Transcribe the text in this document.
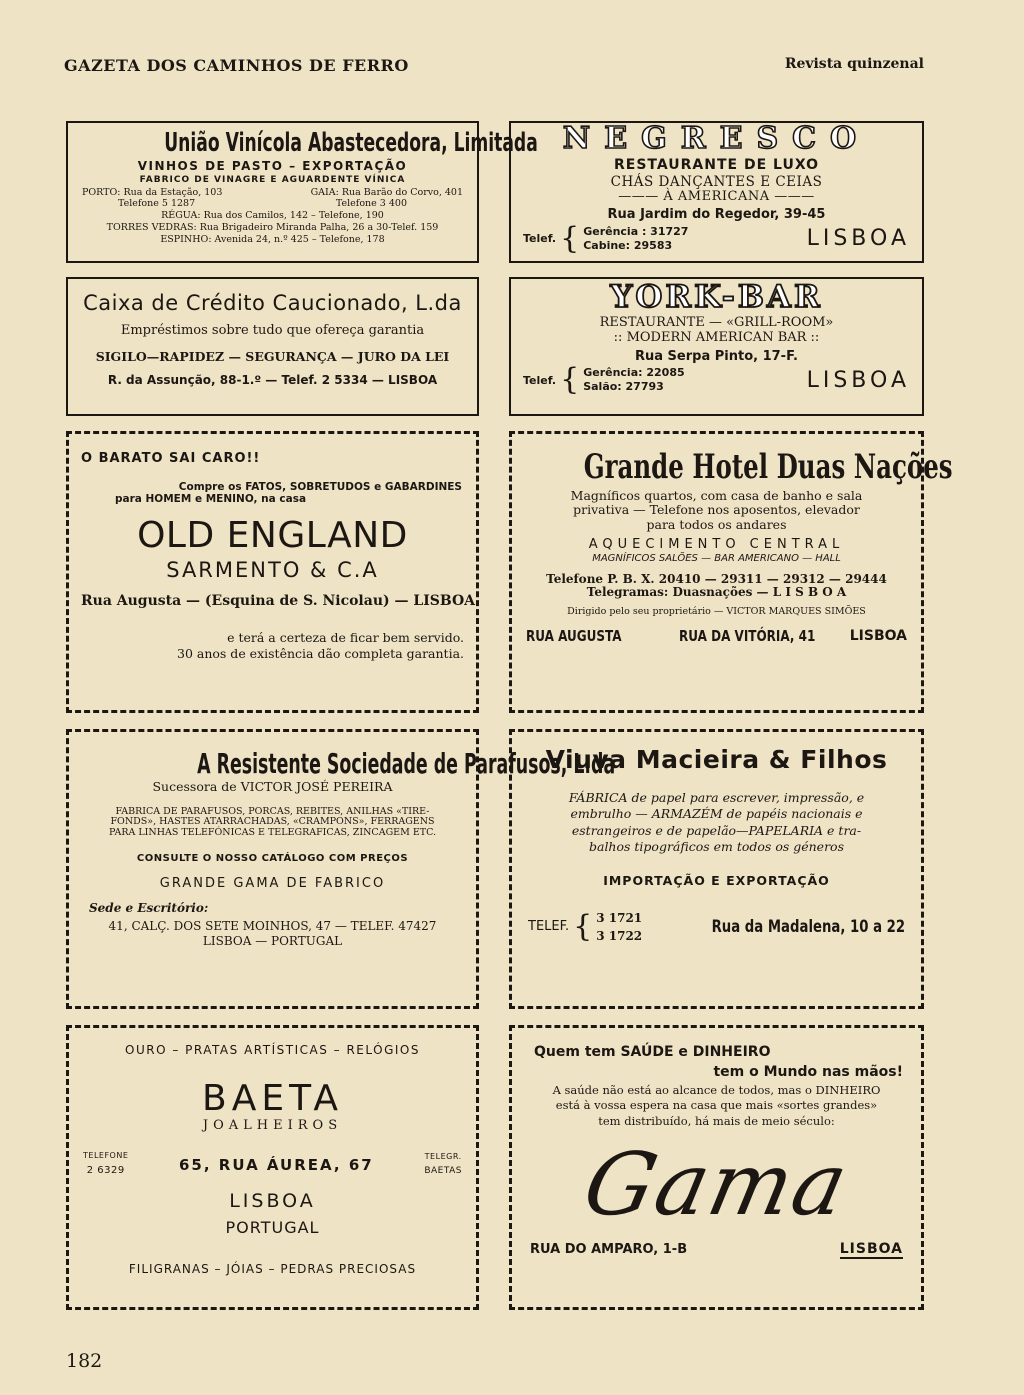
GAZETA DOS CAMINHOS DE FERRO	Revista quinzenal
União Vinícola Abastecedora, Limitada
VINHOS DE PASTO – EXPORTAÇÃO
FABRICO DE VINAGRE E AGUARDENTE VÍNICA
PORTO: Rua da Estação, 103	GAIA: Rua Barão do Corvo, 401
Telefone 5 1287	Telefone 3 400
RÉGUA: Rua dos Camilos, 142 – Telefone, 190
TORRES VEDRAS: Rua Brigadeiro Miranda Palha, 26 a 30-Telef. 159
ESPINHO: Avenida 24, n.º 425 – Telefone, 178
NEGRESCO
RESTAURANTE DE LUXO
CHÁS DANÇANTES E CEIAS
——— À AMERICANA ———
Rua Jardim do Regedor, 39-45
Telef. { Gerência : 31727
Cabine: 29583	LISBOA
Caixa de Crédito Caucionado, L.da
Empréstimos sobre tudo que ofereça garantia
SIGILO—RAPIDEZ — SEGURANÇA — JURO DA LEI
R. da Assunção, 88-1.º — Telef. 2 5334 — LISBOA
YORK-BAR
RESTAURANTE — «GRILL-ROOM»
:: MODERN AMERICAN BAR ::
Rua Serpa Pinto, 17-F.
Telef. { Gerência: 22085
Salão: 27793	LISBOA
O BARATO SAI CARO!!
Compre os FATOS, SOBRETUDOS e GABARDINES
para HOMEM e MENINO, na casa
OLD ENGLAND
SARMENTO & C.A
Rua Augusta — (Esquina de S. Nicolau) — LISBOA
e terá a certeza de ficar bem servido.
30 anos de existência dão completa garantia.
Grande Hotel Duas Nações
Magníficos quartos, com casa de banho e sala
privativa — Telefone nos aposentos, elevador
para todos os andares
AQUECIMENTO CENTRAL
MAGNÍFICOS SALÕES — BAR AMERICANO — HALL
Telefone P. B. X. 20410 — 29311 — 29312 — 29444
Telegramas: Duasnações — L I S B O A
Dirigido pelo seu proprietário — VICTOR MARQUES SIMÕES
RUA AUGUSTA	RUA DA VITÓRIA, 41 LISBOA
A Resistente Sociedade de Parafusos, L.da
Sucessora de VICTOR JOSÉ PEREIRA
FABRICA DE PARAFUSOS, PORCAS, REBITES, ANILHAS «TIRE-
FONDS», HASTES ATARRACHADAS, «CRAMPONS», FERRAGENS
PARA LINHAS TELEFÓNICAS E TELEGRAFICAS, ZINCAGEM ETC.
CONSULTE O NOSSO CATÁLOGO COM PREÇOS
GRANDE GAMA DE FABRICO
Sede e Escritório:
41, CALÇ. DOS SETE MOINHOS, 47 — TELEF. 47427
LISBOA — PORTUGAL
Viuva Macieira & Filhos
FÁBRICA de papel para escrever, impressão, e
embrulho — ARMAZÉM de papéis nacionais e
estrangeiros e de papelão—PAPELARIA e tra-
balhos tipográficos em todos os géneros
IMPORTAÇÃO E EXPORTAÇÃO
TELEF. { 3 1721
3 1722	Rua da Madalena, 10 a 22
OURO – PRATAS ARTÍSTICAS – RELÓGIOS
BAETA
JOALHEIROS
TELEFONE
2 6329	65, RUA ÁUREA, 67	TELEGR.
BAETAS
LISBOA
PORTUGAL
FILIGRANAS – JÓIAS – PEDRAS PRECIOSAS
Quem tem SAÚDE e DINHEIRO
tem o Mundo nas mãos!
A saúde não está ao alcance de todos, mas o DINHEIRO
está à vossa espera na casa que mais «sortes grandes»
tem distribuído, há mais de meio século:
Gama
RUA DO AMPARO, 1-B	LISBOA
182
